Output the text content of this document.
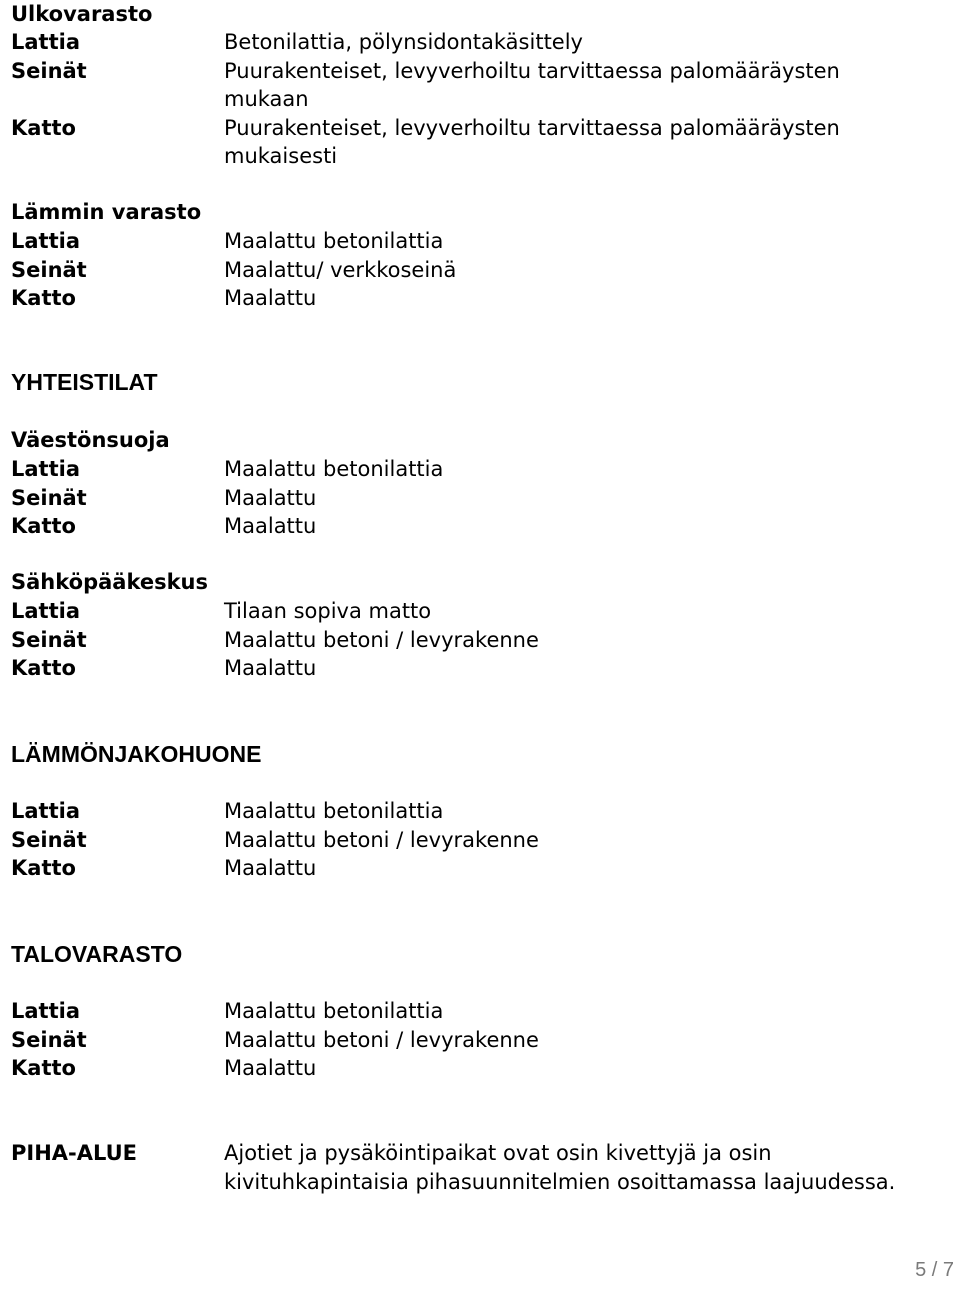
Ulkovarasto
Lattia	Betonilattia, pölynsidontakäsittely
Seinät	Puurakenteiset, levyverhoiltu tarvittaessa palomääräysten
mukaan
Katto	Puurakenteiset, levyverhoiltu tarvittaessa palomääräysten
mukaisesti
Lämmin varasto
Lattia	Maalattu betonilattia
Seinät	Maalattu/ verkkoseinä
Katto	Maalattu
YHTEISTILAT
Väestönsuoja
Lattia	Maalattu betonilattia
Seinät	Maalattu
Katto	Maalattu
Sähköpääkeskus
Lattia	Tilaan sopiva matto
Seinät	Maalattu betoni / levyrakenne
Katto	Maalattu
LÄMMÖNJAKOHUONE
Lattia	Maalattu betonilattia
Seinät	Maalattu betoni / levyrakenne
Katto	Maalattu
TALOVARASTO
Lattia	Maalattu betonilattia
Seinät	Maalattu betoni / levyrakenne
Katto	Maalattu
PIHA-ALUE	Ajotiet ja pysäköintipaikat ovat osin kivettyjä ja osin
kivituhkapintaisia pihasuunnitelmien osoittamassa laajuudessa.
5 / 7
